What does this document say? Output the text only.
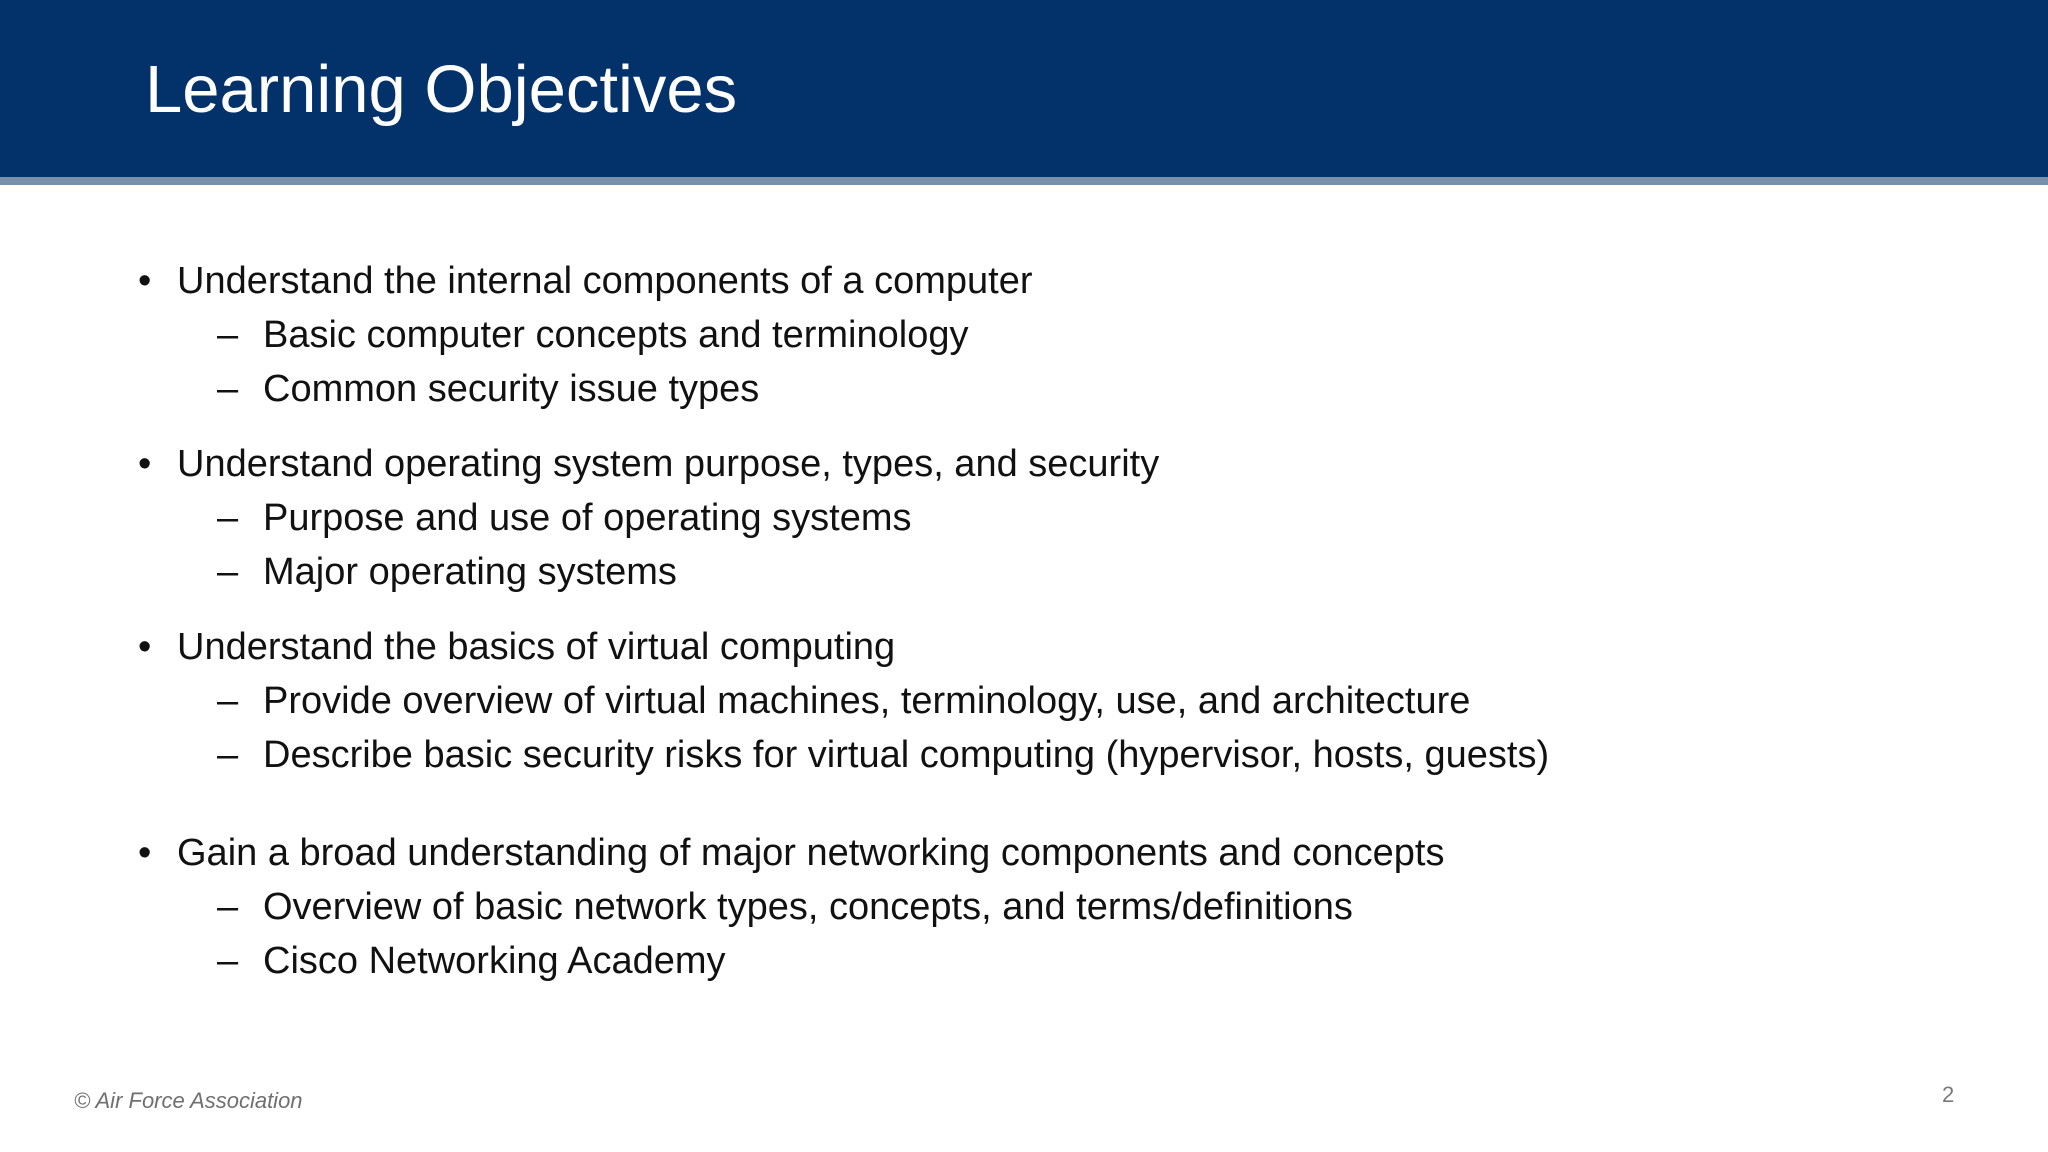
Learning Objectives
• Understand the internal components of a computer
– Basic computer concepts and terminology
– Common security issue types
• Understand operating system purpose, types, and security
– Purpose and use of operating systems
– Major operating systems
• Understand the basics of virtual computing
– Provide overview of virtual machines, terminology, use, and architecture
– Describe basic security risks for virtual computing (hypervisor, hosts, guests)
• Gain a broad understanding of major networking components and concepts
– Overview of basic network types, concepts, and terms/definitions
– Cisco Networking Academy
© Air Force Association	2
